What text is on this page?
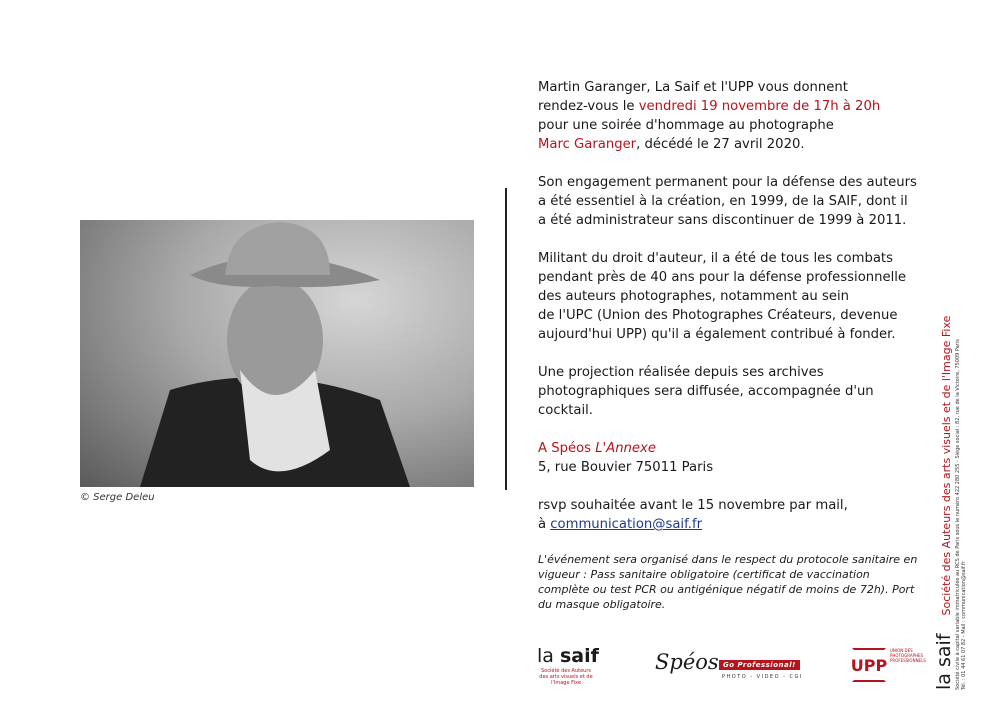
© Serge Deleu

Martin Garanger, La Saif et l'UPP vous donnent
rendez-vous le vendredi 19 novembre de 17h à 20h
pour une soirée d'hommage au photographe
Marc Garanger, décédé le 27 avril 2020.

Son engagement permanent pour la défense des auteurs
a été essentiel à la création, en 1999, de la SAIF, dont il
a été administrateur sans discontinuer de 1999 à 2011.

Militant du droit d'auteur, il a été de tous les combats
pendant près de 40 ans pour la défense professionnelle
des auteurs photographes, notamment au sein
de l'UPC (Union des Photographes Créateurs, devenue
aujourd'hui UPP) qu'il a également contribué à fonder.

Une projection réalisée depuis ses archives
photographiques sera diffusée, accompagnée d'un
cocktail.

A Spéos L'Annexe
5, rue Bouvier 75011 Paris

rsvp souhaitée avant le 15 novembre par mail,
à communication@saif.fr

L'événement sera organisé dans le respect du protocole sanitaire en vigueur : Pass sanitaire obligatoire (certificat de vaccination complète ou test PCR ou antigénique négatif de moins de 72h). Port du masque obligatoire.
la saif
Société des Auteurs des arts visuels et de l'Image Fixe
Spéos Go Professional!
PHOTO - VIDEO - CGI
UPP
UNION DES PHOTOGRAPHES PROFESSIONNELS la saif
Société des Auteurs des arts visuels et de l'Image Fixe Société civile à capital variable immatriculée au RCS de Paris sous le numéro 422 280 255 - Siège social : 82, rue de la Victoire, 75009 Paris Tél. : 01 44 61 07 82 - Mail : communication@saif.fr
